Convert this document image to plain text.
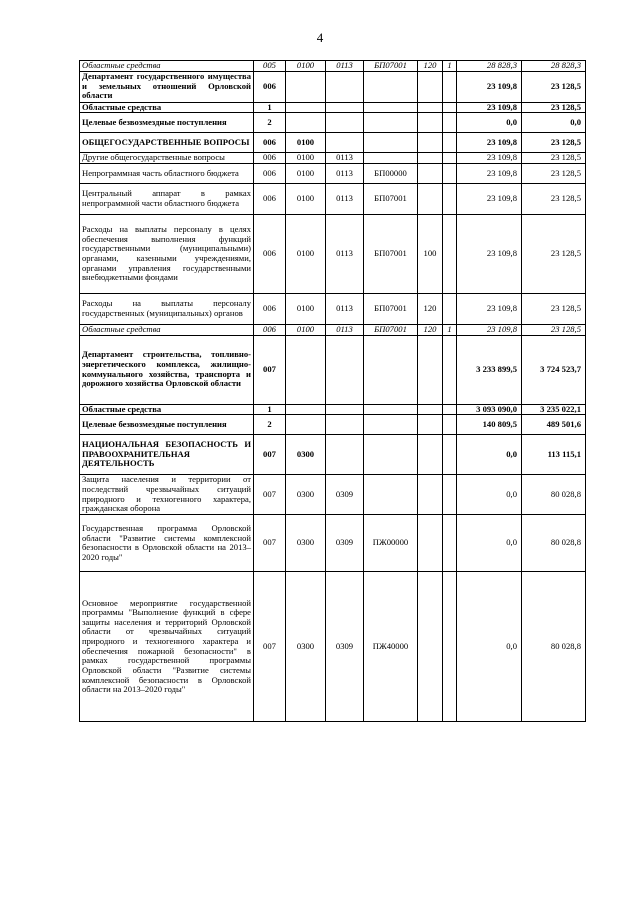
4
Областные средства	005	0100	0113	БП07001	120	1	28 828,3	28 828,3
Департамент государственного имущества и земельных отношений Орловской области	006						23 109,8	23 128,5
Областные средства	1						23 109,8	23 128,5
Целевые безвозмездные поступления	2						0,0	0,0
ОБЩЕГОСУДАРСТВЕННЫЕ ВОПРОСЫ	006	0100					23 109,8	23 128,5
Другие общегосударственные вопросы	006	0100	0113				23 109,8	23 128,5
Непрограммная часть областного бюджета	006	0100	0113	БП00000			23 109,8	23 128,5
Центральный аппарат в рамках непрограммной части областного бюджета	006	0100	0113	БП07001			23 109,8	23 128,5
Расходы на выплаты персоналу в целях обеспечения выполнения функций государственными (муниципальными) органами, казенными учреждениями, органами управления государственными внебюджетными фондами	006	0100	0113	БП07001	100		23 109,8	23 128,5
Расходы на выплаты персоналу государственных (муниципальных) органов	006	0100	0113	БП07001	120		23 109,8	23 128,5
Областные средства	006	0100	0113	БП07001	120	1	23 109,8	23 128,5
Департамент строительства, топливно-энергетического комплекса, жилищно-коммунального хозяйства, транспорта и дорожного хозяйства Орловской области	007						3 233 899,5	3 724 523,7
Областные средства	1						3 093 090,0	3 235 022,1
Целевые безвозмездные поступления	2						140 809,5	489 501,6
НАЦИОНАЛЬНАЯ БЕЗОПАСНОСТЬ И ПРАВООХРАНИТЕЛЬНАЯ ДЕЯТЕЛЬНОСТЬ	007	0300					0,0	113 115,1
Защита населения и территории от последствий чрезвычайных ситуаций природного и техногенного характера, гражданская оборона	007	0300	0309				0,0	80 028,8
Государственная программа Орловской области "Развитие системы комплексной безопасности в Орловской области на 2013–2020 годы"	007	0300	0309	ПЖ00000			0,0	80 028,8
Основное мероприятие государственной программы "Выполнение функций в сфере защиты населения и территорий Орловской области от чрезвычайных ситуаций природного и техногенного характера и обеспечения пожарной безопасности" в рамках государственной программы Орловской области "Развитие системы комплексной безопасности в Орловской области на 2013–2020 годы"	007	0300	0309	ПЖ40000			0,0	80 028,8
